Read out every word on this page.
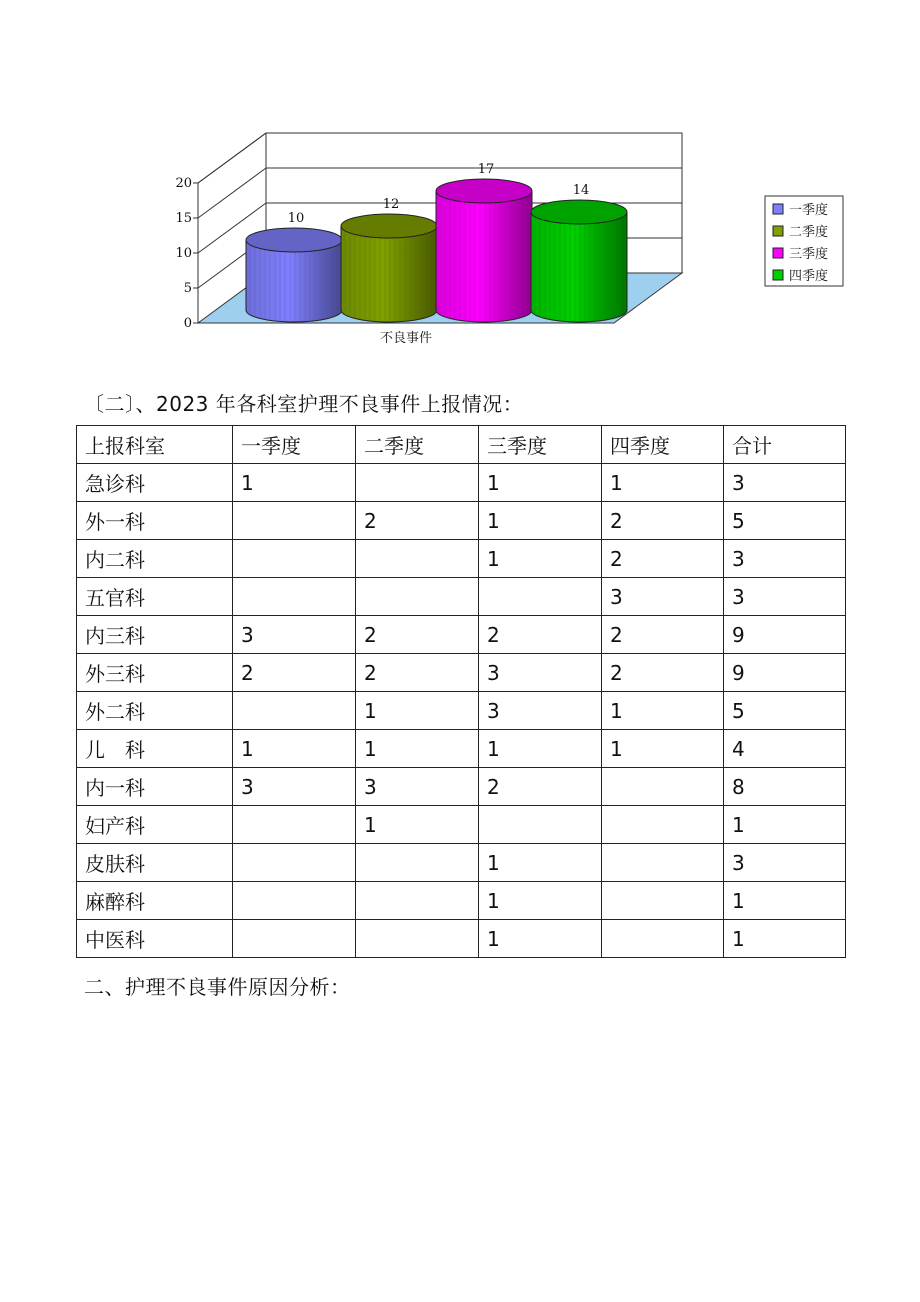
0
5
10
15
20
10
12
17
14
不良事件
一季度
二季度
三季度
四季度
〔二〕、2023 年各科室护理不良事件上报情况：
上报科室	一季度	二季度	三季度	四季度	合计
急诊科	1		1	1	3
外一科		2	1	2	5
内二科			1	2	3
五官科				3	3
内三科	3	2	2	2	9
外三科	2	2	3	2	9
外二科		1	3	1	5
儿　科	1	1	1	1	4
内一科	3	3	2		8
妇产科		1			1
皮肤科			1		3
麻醉科			1		1
中医科			1		1
二、护理不良事件原因分析：
